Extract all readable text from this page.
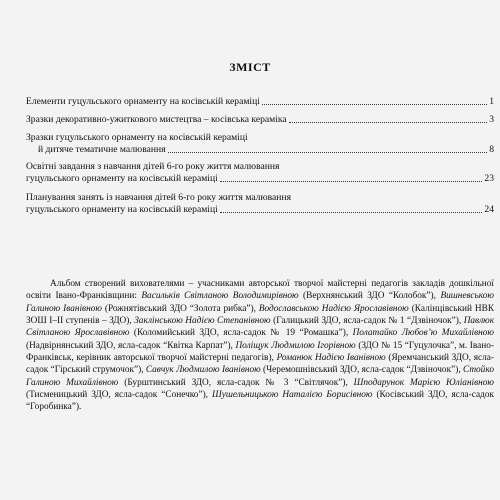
ЗМІСТ
Елементи гуцульського орнаменту на косівській кераміці	1
Зразки декоративно-ужиткового мистецтва – косівська кераміка	3
Зразки гуцульського орнаменту на косівській кераміці
й дитяче тематичне малювання	8
Освітні завдання з навчання дітей 6-го року життя малювання
гуцульського орнаменту на косівській кераміці	23
Планування занять із навчання дітей 6-го року життя малювання
гуцульського орнаменту на косівській кераміці	24
Альбом створений вихователями – учасниками авторської творчої майстерні педагогів закладів дошкільної освіти Івано-Франківщини: Васильків Світланою Володимирівною (Верхнянський ЗДО “Колобок”), Вишневською Галиною Іванівною (Рожнятівський ЗДО “Золота рибка”), Водославською Надією Ярославівною (Калінцівський НВК ЗОШ І–ІІ ступенів – ЗДО), Заклінською Надією Степанівною (Галицький ЗДО, ясла-садок № 1 “Дзвіночок”), Павлюк Світланою Ярославівною (Коломийський ЗДО, ясла-садок № 19 “Ромашка”), Полатайко Любов’ю Михайлівною (Надвірнянський ЗДО, ясла-садок “Квітка Карпат”), Поліщук Людмилою Ігорівною (ЗДО № 15 “Гуцулочка”, м. Івано-Франківськ, керівник авторської творчої майстерні педагогів), Романюк Надією Іванівною (Яремчанський ЗДО, ясла-садок “Гірський струмочок”), Савчук Людмилою Іванівною (Черемошнівський ЗДО, ясла-садок “Дзвіночок”), Стойко Галиною Михайлівною (Бурштинський ЗДО, ясла-садок № 3 “Світлячок”), Шподарунок Марією Юліанівною (Тисменицький ЗДО, ясла-садок “Сонечко”), Шушельницькою Наталією Борисівною (Косівський ЗДО, ясла-садок “Горобинка”).
